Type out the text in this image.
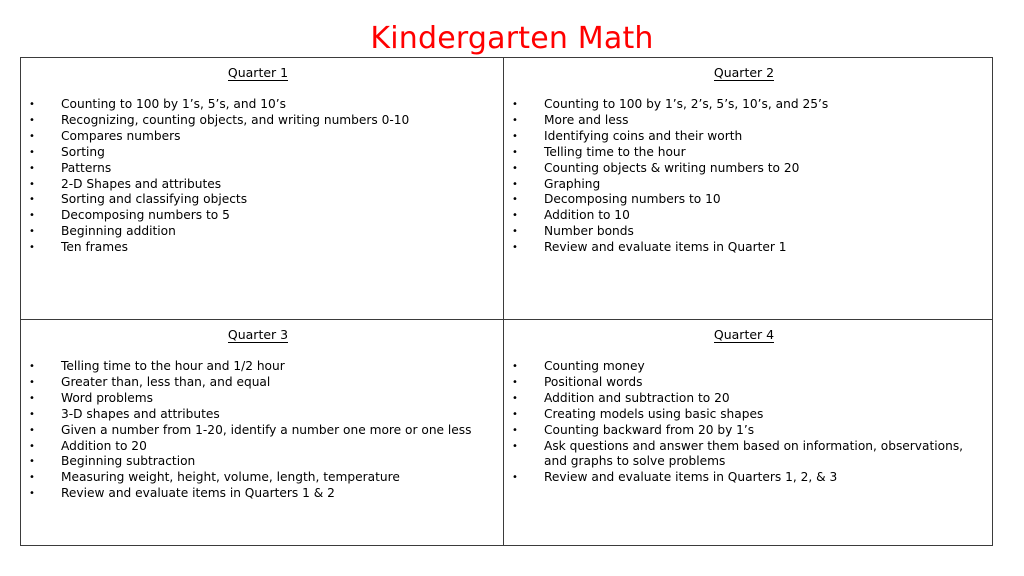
Kindergarten Math
Quarter 1
•	Counting to 100 by 1’s, 5’s, and 10’s
•	Recognizing, counting objects, and writing numbers 0-10
•	Compares numbers
•	Sorting
•	Patterns
•	2-D Shapes and attributes
•	Sorting and classifying objects
•	Decomposing numbers to 5
•	Beginning addition
•	Ten frames
Quarter 2
•	Counting to 100 by 1’s, 2’s, 5’s, 10’s, and 25’s
•	More and less
•	Identifying coins and their worth
•	Telling time to the hour
•	Counting objects & writing numbers to 20
•	Graphing
•	Decomposing numbers to 10
•	Addition to 10
•	Number bonds
•	Review and evaluate items in Quarter 1
Quarter 3
•	Telling time to the hour and 1/2 hour
•	Greater than, less than, and equal
•	Word problems
•	3-D shapes and attributes
•	Given a number from 1-20, identify a number one more or one less
•	Addition to 20
•	Beginning subtraction
•	Measuring weight, height, volume, length, temperature
•	Review and evaluate items in Quarters 1 & 2
Quarter 4
•	Counting money
•	Positional words
•	Addition and subtraction to 20
•	Creating models using basic shapes
•	Counting backward from 20 by 1’s
•	Ask questions and answer them based on information, observations, and graphs to solve problems
•	Review and evaluate items in Quarters 1, 2, & 3
